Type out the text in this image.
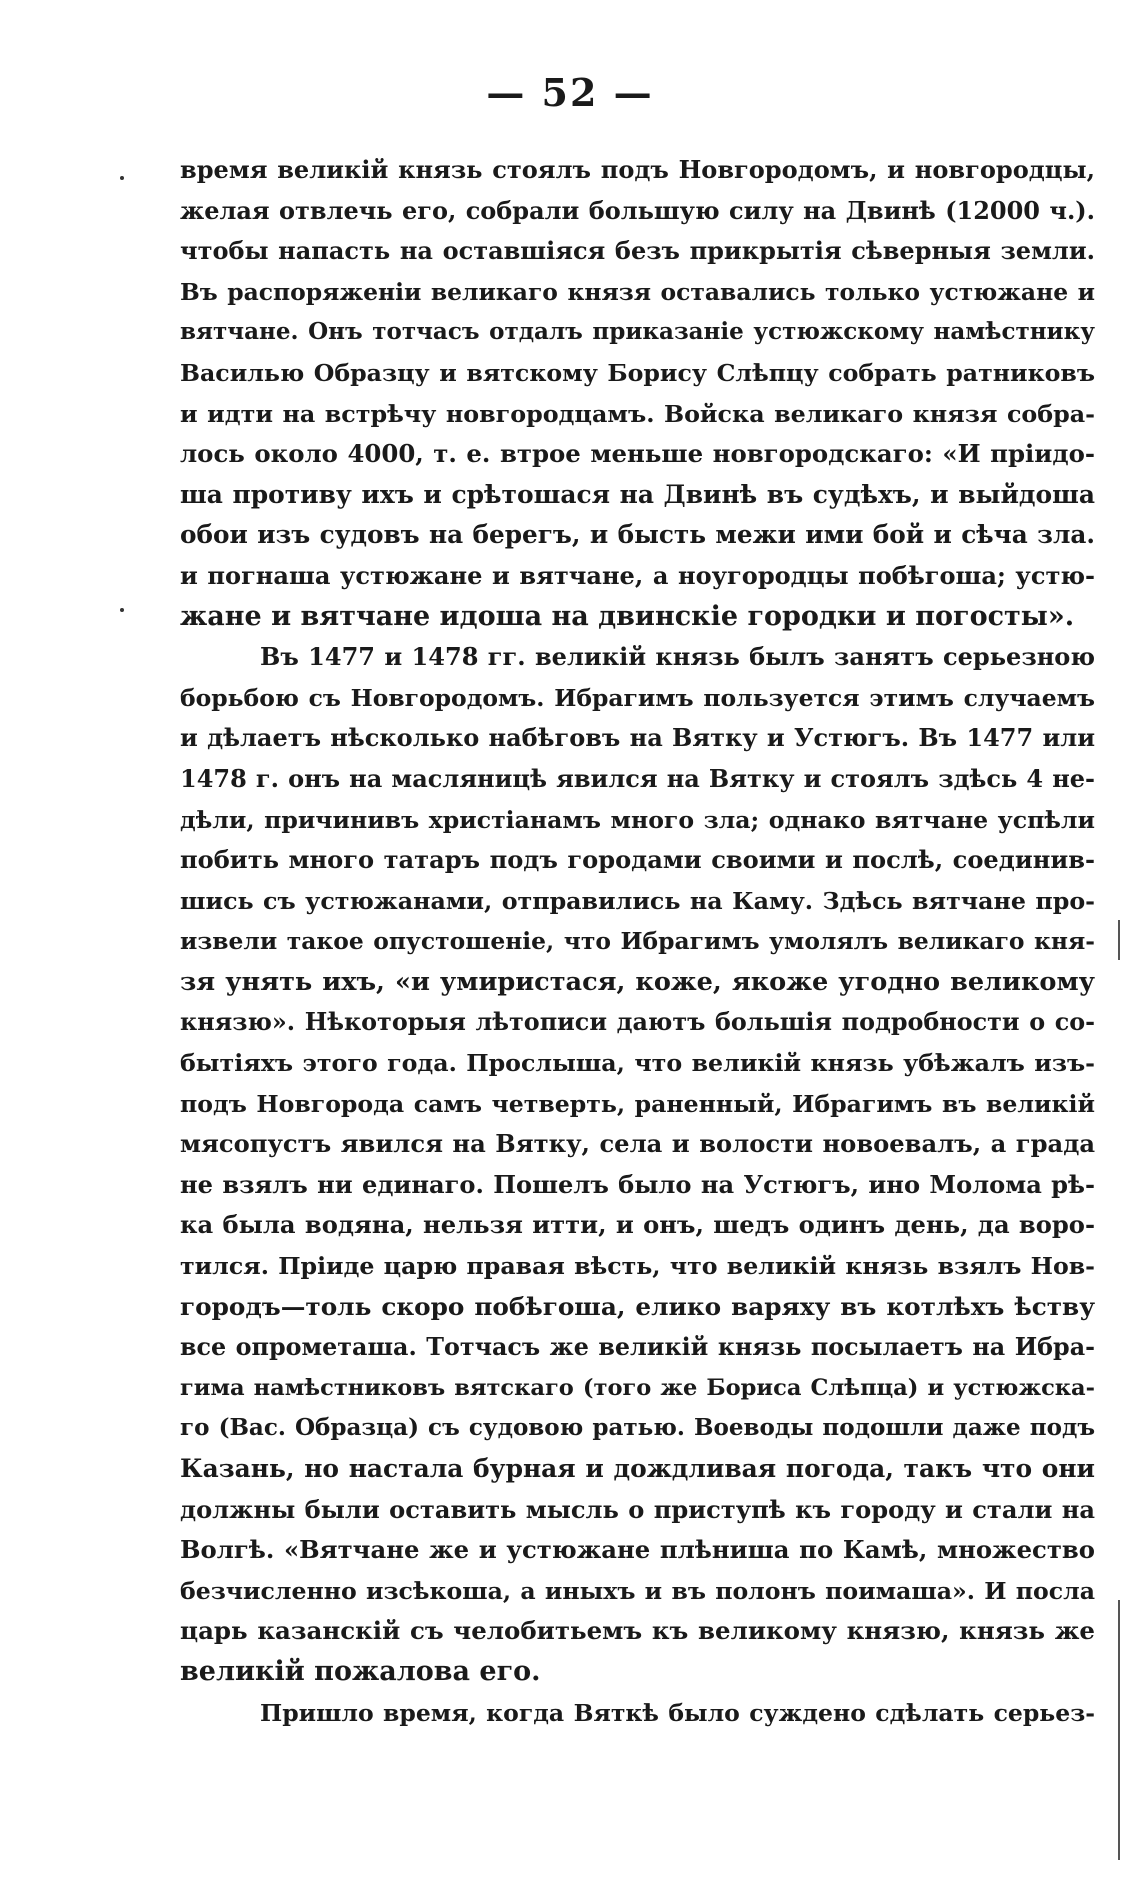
— 52 —
время великій князь стоялъ подъ Новгородомъ, и новгородцы,
желая отвлечь его, собрали большую силу на Двинѣ (12000 ч.).
чтобы напасть на оставшіяся безъ прикрытія сѣверныя земли.
Въ распоряженіи великаго князя оставались только устюжане и
вятчане. Онъ тотчасъ отдалъ приказаніе устюжскому намѣстнику
Василью Образцу и вятскому Борису Слѣпцу собрать ратниковъ
и идти на встрѣчу новгородцамъ. Войска великаго князя собра-
лось около 4000, т. е. втрое меньше новгородскаго: «И пріидо-
ша противу ихъ и срѣтошася на Двинѣ въ судѣхъ, и выйдоша
обои изъ судовъ на берегъ, и бысть межи ими бой и сѣча зла.
и погнаша устюжане и вятчане, а ноугородцы побѣгоша; устю-
жане и вятчане идоша на двинскіе городки и погосты».
Въ 1477 и 1478 гг. великій князь былъ занятъ серьезною
борьбою съ Новгородомъ. Ибрагимъ пользуется этимъ случаемъ
и дѣлаетъ нѣсколько набѣговъ на Вятку и Устюгъ. Въ 1477 или
1478 г. онъ на масляницѣ явился на Вятку и стоялъ здѣсь 4 не-
дѣли, причинивъ христіанамъ много зла; однако вятчане успѣли
побить много татаръ подъ городами своими и послѣ, соединив-
шись съ устюжанами, отправились на Каму. Здѣсь вятчане про-
извели такое опустошеніе, что Ибрагимъ умолялъ великаго кня-
зя унять ихъ, «и умиристася, коже, якоже угодно великому
князю». Нѣкоторыя лѣтописи даютъ большія подробности о со-
бытіяхъ этого года. Прослыша, что великій князь убѣжалъ изъ-
подъ Новгорода самъ четверть, раненный, Ибрагимъ въ великій
мясопустъ явился на Вятку, села и волости новоевалъ, а града
не взялъ ни единаго. Пошелъ было на Устюгъ, ино Молома рѣ-
ка была водяна, нельзя итти, и онъ, шедъ одинъ день, да воро-
тился. Пріиде царю правая вѣсть, что великій князь взялъ Нов-
городъ—толь скоро побѣгоша, елико варяху въ котлѣхъ ѣству
все опрометаша. Тотчасъ же великій князь посылаетъ на Ибра-
гима намѣстниковъ вятскаго (того же Бориса Слѣпца) и устюжска-
го (Вас. Образца) съ судовою ратью. Воеводы подошли даже подъ
Казань, но настала бурная и дождливая погода, такъ что они
должны были оставить мысль о приступѣ къ городу и стали на
Волгѣ. «Вятчане же и устюжане плѣниша по Камѣ, множество
безчисленно изсѣкоша, а иныхъ и въ полонъ поимаша». И посла
царь казанскій съ челобитьемъ къ великому князю, князь же
великій пожалова его.
Пришло время, когда Вяткѣ было суждено сдѣлать серьез-
